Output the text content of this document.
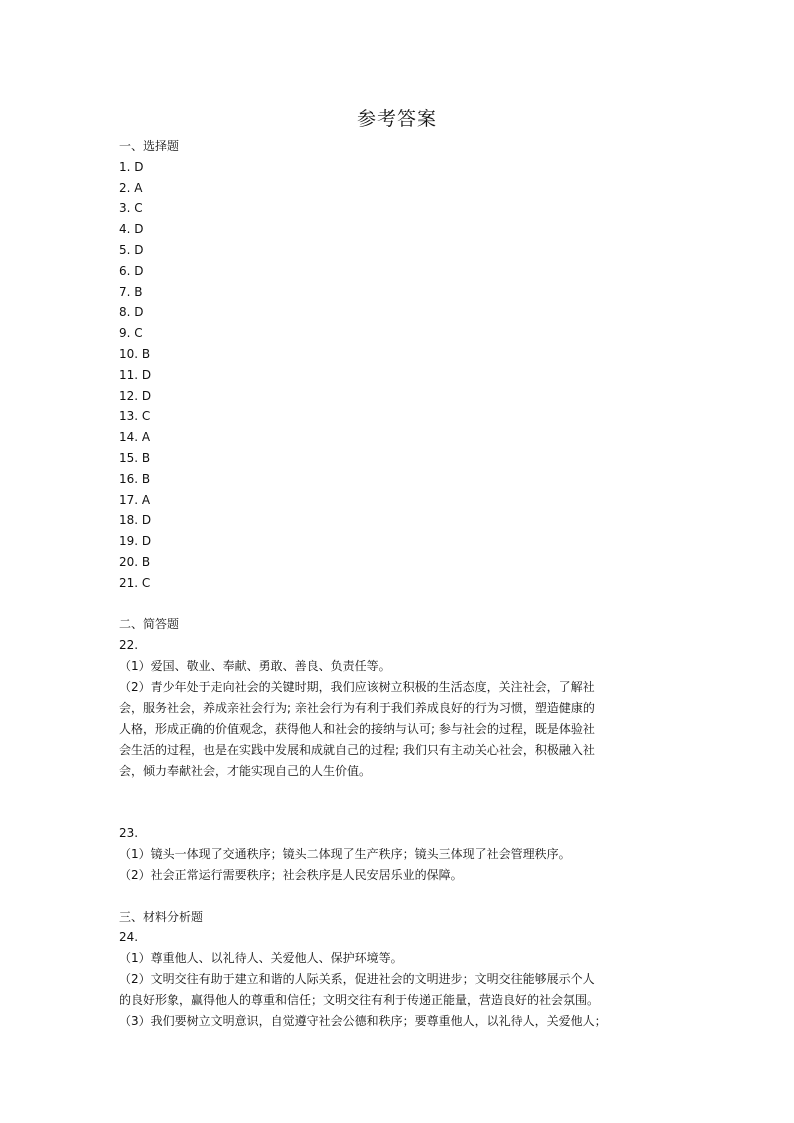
参考答案
一、选择题
1. D
2. A
3. C
4. D
5. D
6. D
7. B
8. D
9. C
10. B
11. D
12. D
13. C
14. A
15. B
16. B
17. A
18. D
19. D
20. B
21. C
二、简答题
22.
（1）爱国、敬业、奉献、勇敢、善良、负责任等。
（2）青少年处于走向社会的关键时期，我们应该树立积极的生活态度，关注社会，了解社
会，服务社会，养成亲社会行为; 亲社会行为有利于我们养成良好的行为习惯，塑造健康的
人格，形成正确的价值观念，获得他人和社会的接纳与认可; 参与社会的过程，既是体验社
会生活的过程，也是在实践中发展和成就自己的过程; 我们只有主动关心社会，积极融入社
会，倾力奉献社会，才能实现自己的人生价值。
23.
（1）镜头一体现了交通秩序；镜头二体现了生产秩序；镜头三体现了社会管理秩序。
（2）社会正常运行需要秩序；社会秩序是人民安居乐业的保障。
三、材料分析题
24.
（1）尊重他人、以礼待人、关爱他人、保护环境等。
（2）文明交往有助于建立和谐的人际关系，促进社会的文明进步；文明交往能够展示个人
的良好形象，赢得他人的尊重和信任；文明交往有利于传递正能量，营造良好的社会氛围。
（3）我们要树立文明意识，自觉遵守社会公德和秩序；要尊重他人，以礼待人，关爱他人；
